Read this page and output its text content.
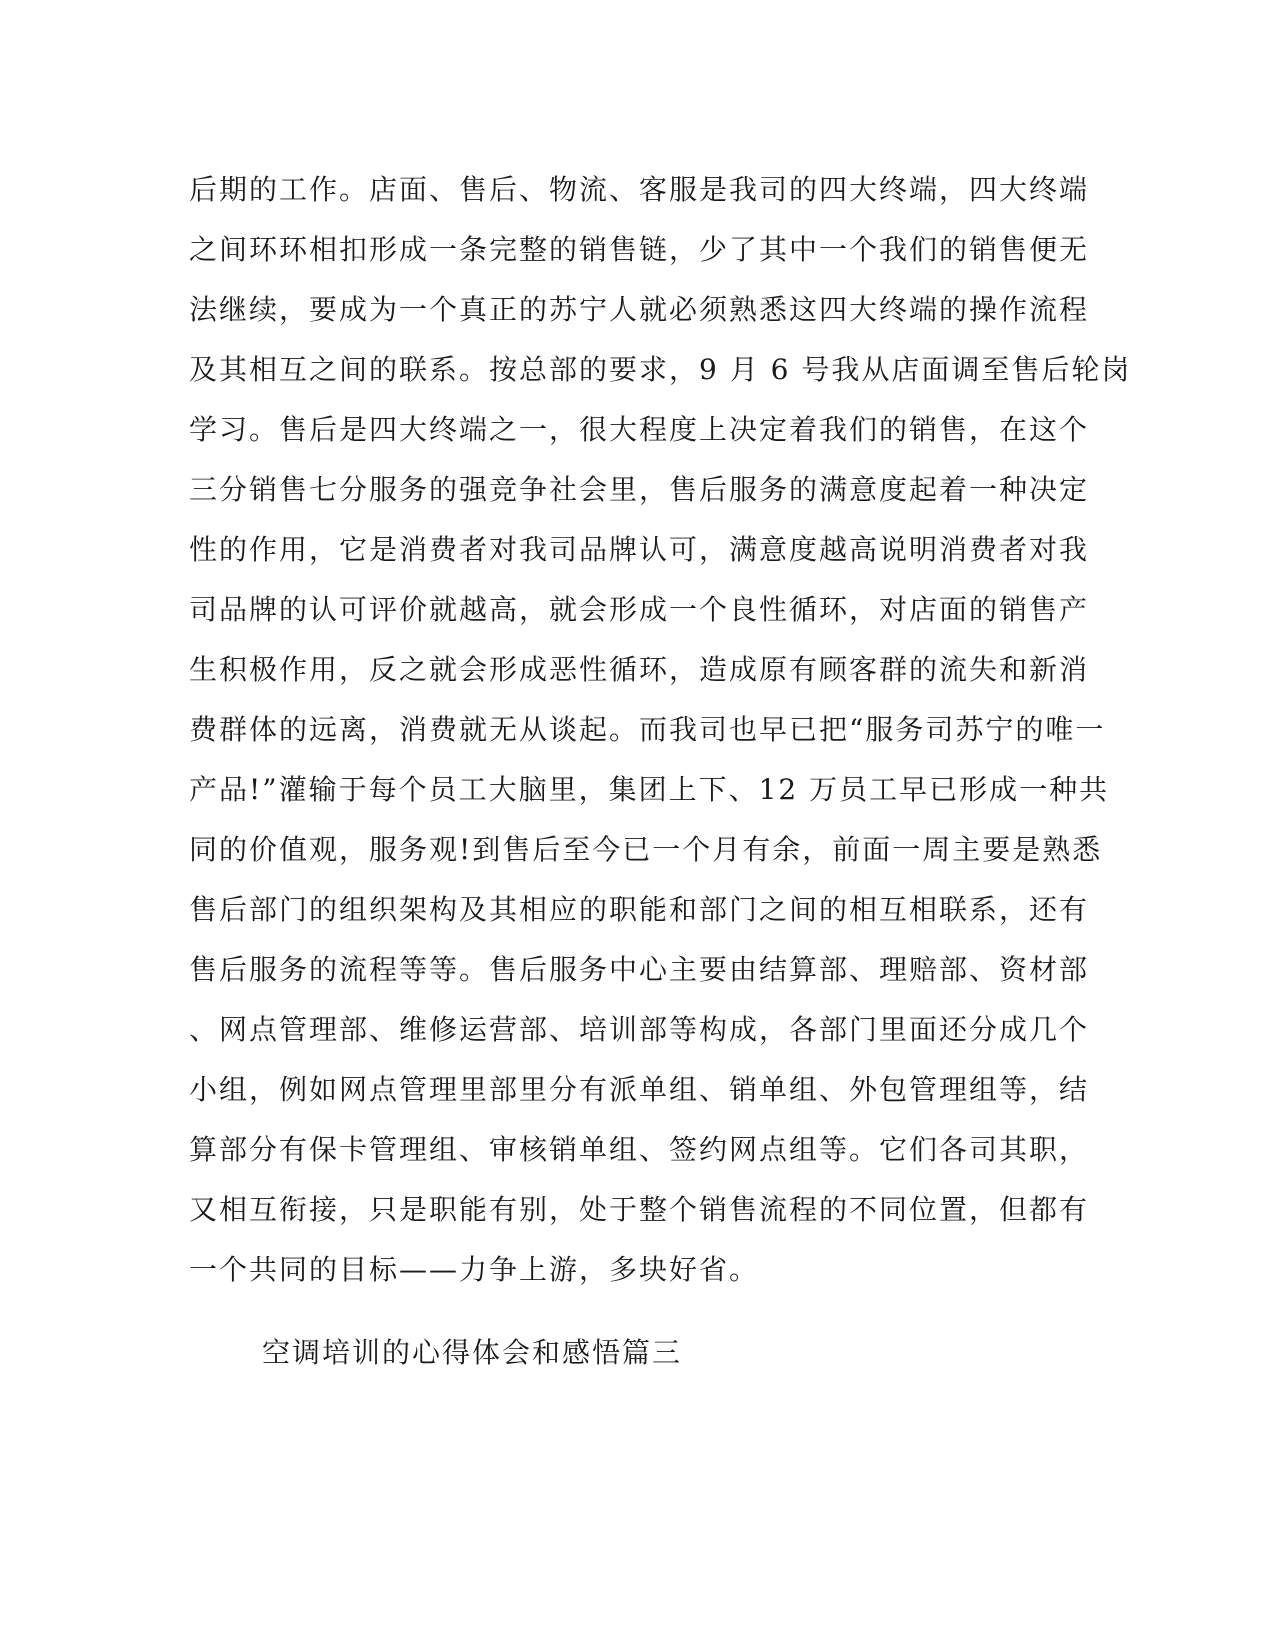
后期的工作。店面、售后、物流、客服是我司的四大终端，四大终端
之间环环相扣形成一条完整的销售链，少了其中一个我们的销售便无
法继续，要成为一个真正的苏宁人就必须熟悉这四大终端的操作流程
及其相互之间的联系。按总部的要求，9 月 6 号我从店面调至售后轮岗
学习。售后是四大终端之一，很大程度上决定着我们的销售，在这个
三分销售七分服务的强竞争社会里，售后服务的满意度起着一种决定
性的作用，它是消费者对我司品牌认可，满意度越高说明消费者对我
司品牌的认可评价就越高，就会形成一个良性循环，对店面的销售产
生积极作用，反之就会形成恶性循环，造成原有顾客群的流失和新消
费群体的远离，消费就无从谈起。而我司也早已把“服务司苏宁的唯一
产品!”灌输于每个员工大脑里，集团上下、12 万员工早已形成一种共
同的价值观，服务观!到售后至今已一个月有余，前面一周主要是熟悉
售后部门的组织架构及其相应的职能和部门之间的相互相联系，还有
售后服务的流程等等。售后服务中心主要由结算部、理赔部、资材部
、网点管理部、维修运营部、培训部等构成，各部门里面还分成几个
小组，例如网点管理里部里分有派单组、销单组、外包管理组等，结
算部分有保卡管理组、审核销单组、签约网点组等。它们各司其职，
又相互衔接，只是职能有别，处于整个销售流程的不同位置，但都有
一个共同的目标——力争上游，多块好省。
空调培训的心得体会和感悟篇三
